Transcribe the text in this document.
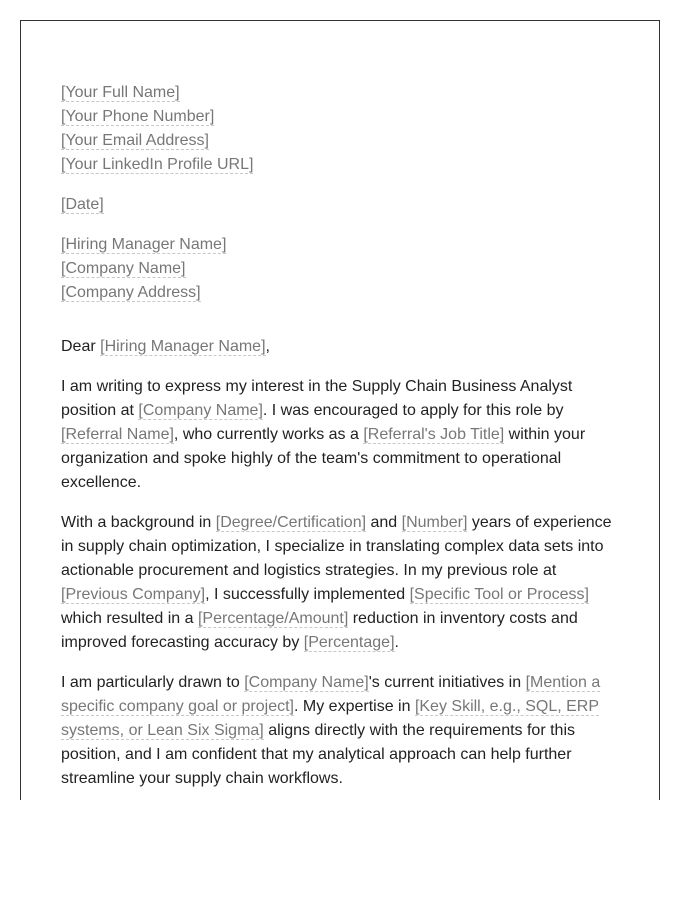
[Your Full Name]
[Your Phone Number]
[Your Email Address]
[Your LinkedIn Profile URL]
[Date]
[Hiring Manager Name]
[Company Name]
[Company Address]

Dear [Hiring Manager Name],

I am writing to express my interest in the Supply Chain Business Analyst position at [Company Name]. I was encouraged to apply for this role by [Referral Name], who currently works as a [Referral's Job Title] within your organization and spoke highly of the team's commitment to operational excellence.

With a background in [Degree/Certification] and [Number] years of experience in supply chain optimization, I specialize in translating complex data sets into actionable procurement and logistics strategies. In my previous role at [Previous Company], I successfully implemented [Specific Tool or Process] which resulted in a [Percentage/Amount] reduction in inventory costs and improved forecasting accuracy by [Percentage].

I am particularly drawn to [Company Name]'s current initiatives in [Mention a specific company goal or project]. My expertise in [Key Skill, e.g., SQL, ERP systems, or Lean Six Sigma] aligns directly with the requirements for this position, and I am confident that my analytical approach can help further streamline your supply chain workflows.
